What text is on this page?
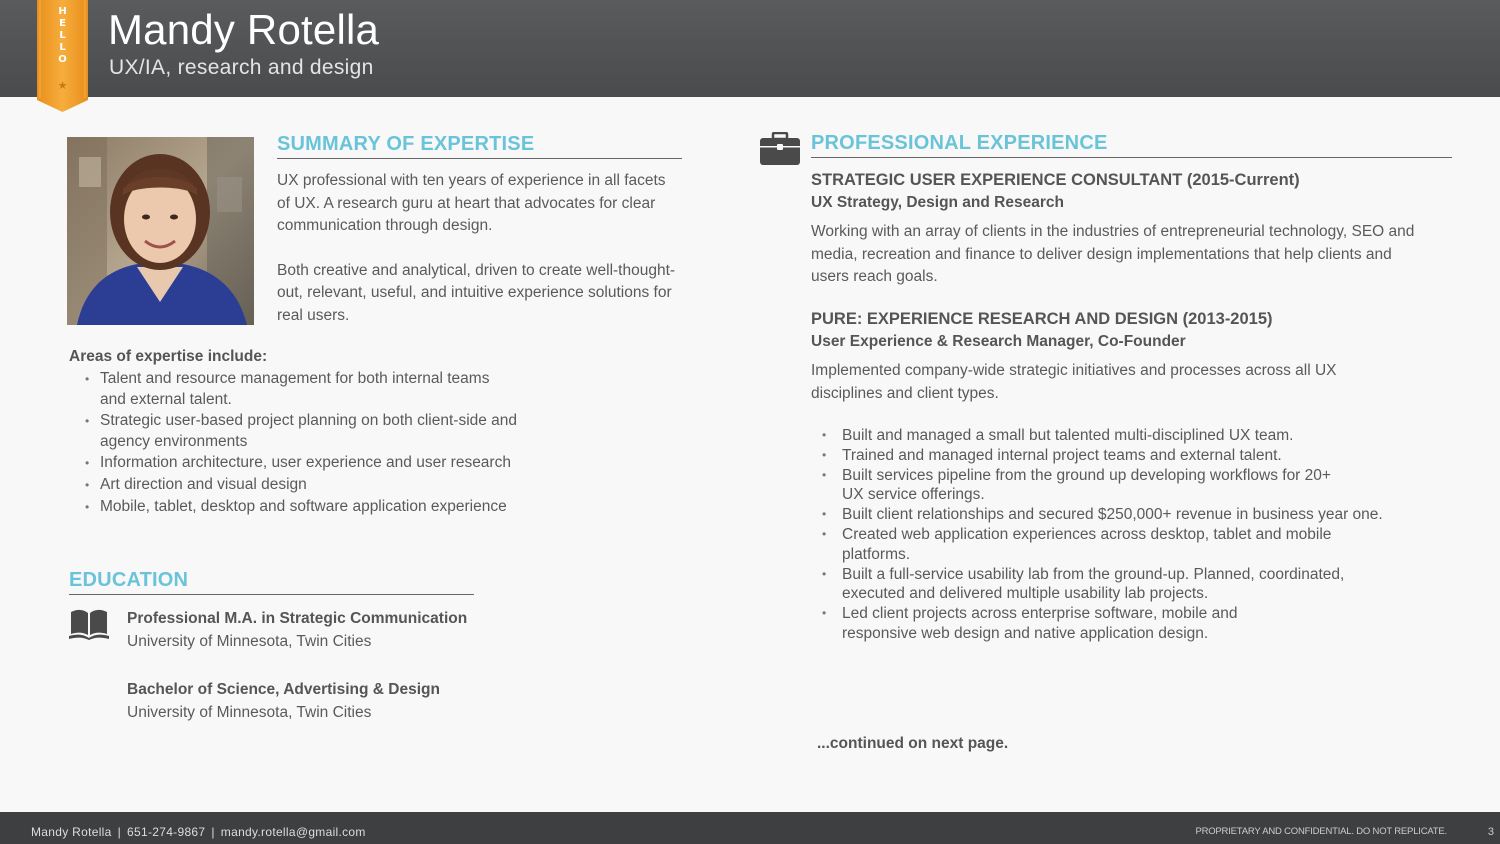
H
E
L
L
O
★
Mandy Rotella
UX/IA, research and design
SUMMARY OF EXPERTISE

UX professional with ten years of experience in all facets of UX. A research guru at heart that advocates for clear communication through design.

Both creative and analytical, driven to create well-thought-out, relevant, useful, and intuitive experience solutions for real users.

Areas of expertise include:
• Talent and resource management for both internal teams and external talent.
• Strategic user-based project planning on both client-side and agency environments
• Information architecture, user experience and user research
• Art direction and visual design
• Mobile, tablet, desktop and software application experience
EDUCATION
Professional M.A. in Strategic Communication
University of Minnesota, Twin Cities
Bachelor of Science, Advertising & Design
University of Minnesota, Twin Cities
PROFESSIONAL EXPERIENCE
STRATEGIC USER EXPERIENCE CONSULTANT (2015-Current)
UX Strategy, Design and Research
Working with an array of clients in the industries of entrepreneurial technology, SEO and media, recreation and finance to deliver design implementations that help clients and users reach goals.
PURE: EXPERIENCE RESEARCH AND DESIGN (2013-2015)
User Experience & Research Manager, Co-Founder
Implemented company-wide strategic initiatives and processes across all UX disciplines and client types.
• Built and managed a small but talented multi-disciplined UX team.
• Trained and managed internal project teams and external talent.
• Built services pipeline from the ground up developing workflows for 20+ UX service offerings.
• Built client relationships and secured $250,000+ revenue in business year one.
• Created web application experiences across desktop, tablet and mobile platforms.
• Built a full-service usability lab from the ground-up. Planned, coordinated, executed and delivered multiple usability lab projects.
• Led client projects across enterprise software, mobile and responsive web design and native application design.
...continued on next page.
Mandy Rotella | 651-274-9867 | mandy.rotella@gmail.com	PROPRIETARY AND CONFIDENTIAL. DO NOT REPLICATE.	3
